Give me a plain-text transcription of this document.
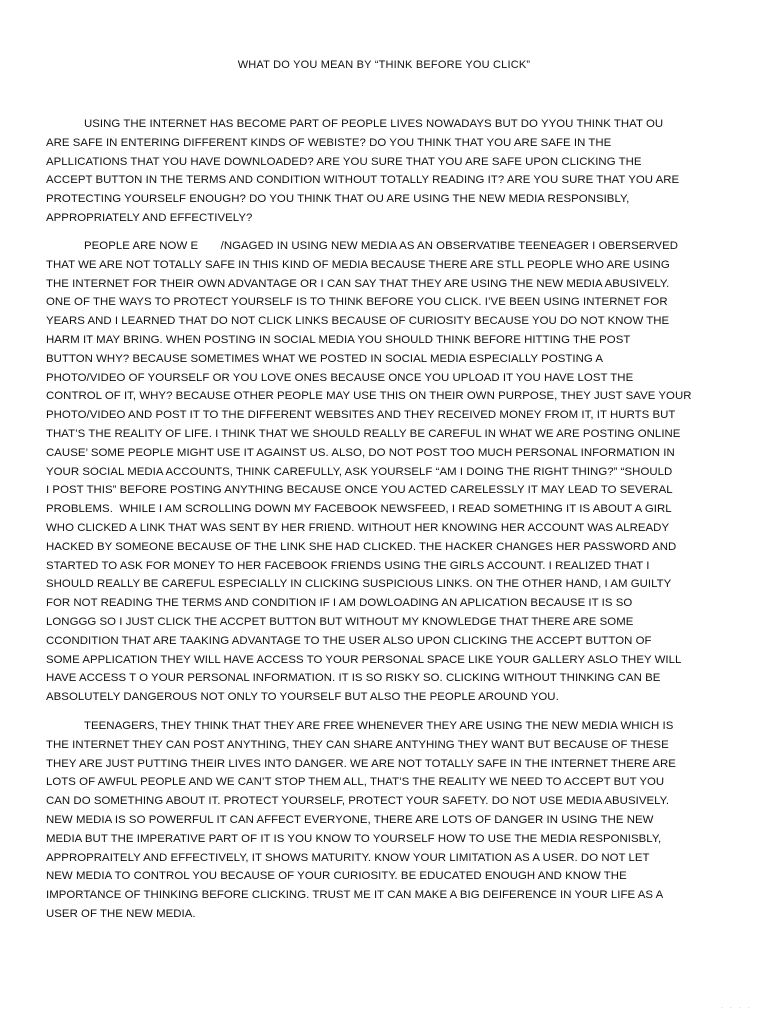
WHAT DO YOU MEAN BY “THINK BEFORE YOU CLICK”
USING THE INTERNET HAS BECOME PART OF PEOPLE LIVES NOWADAYS BUT DO YYOU THINK THAT OU
ARE SAFE IN ENTERING DIFFERENT KINDS OF WEBISTE? DO YOU THINK THAT YOU ARE SAFE IN THE
APLLICATIONS THAT YOU HAVE DOWNLOADED? ARE YOU SURE THAT YOU ARE SAFE UPON CLICKING THE
ACCEPT BUTTON IN THE TERMS AND CONDITION WITHOUT TOTALLY READING IT? ARE YOU SURE THAT YOU ARE
PROTECTING YOURSELF ENOUGH? DO YOU THINK THAT OU ARE USING THE NEW MEDIA RESPONSIBLY,
APPROPRIATELY AND EFFECTIVELY?
PEOPLE ARE NOW E       /NGAGED IN USING NEW MEDIA AS AN OBSERVATIBE TEENEAGER I OBERSERVED
THAT WE ARE NOT TOTALLY SAFE IN THIS KIND OF MEDIA BECAUSE THERE ARE STLL PEOPLE WHO ARE USING
THE INTERNET FOR THEIR OWN ADVANTAGE OR I CAN SAY THAT THEY ARE USING THE NEW MEDIA ABUSIVELY.
ONE OF THE WAYS TO PROTECT YOURSELF IS TO THINK BEFORE YOU CLICK. I’VE BEEN USING INTERNET FOR
YEARS AND I LEARNED THAT DO NOT CLICK LINKS BECAUSE OF CURIOSITY BECAUSE YOU DO NOT KNOW THE
HARM IT MAY BRING. WHEN POSTING IN SOCIAL MEDIA YOU SHOULD THINK BEFORE HITTING THE POST
BUTTON WHY? BECAUSE SOMETIMES WHAT WE POSTED IN SOCIAL MEDIA ESPECIALLY POSTING A
PHOTO/VIDEO OF YOURSELF OR YOU LOVE ONES BECAUSE ONCE YOU UPLOAD IT YOU HAVE LOST THE
CONTROL OF IT, WHY? BECAUSE OTHER PEOPLE MAY USE THIS ON THEIR OWN PURPOSE, THEY JUST SAVE YOUR
PHOTO/VIDEO AND POST IT TO THE DIFFERENT WEBSITES AND THEY RECEIVED MONEY FROM IT, IT HURTS BUT
THAT’S THE REALITY OF LIFE. I THINK THAT WE SHOULD REALLY BE CAREFUL IN WHAT WE ARE POSTING ONLINE
CAUSE’ SOME PEOPLE MIGHT USE IT AGAINST US. ALSO, DO NOT POST TOO MUCH PERSONAL INFORMATION IN
YOUR SOCIAL MEDIA ACCOUNTS, THINK CAREFULLY, ASK YOURSELF “AM I DOING THE RIGHT THING?” “SHOULD
I POST THIS” BEFORE POSTING ANYTHING BECAUSE ONCE YOU ACTED CARELESSLY IT MAY LEAD TO SEVERAL
PROBLEMS.  WHILE I AM SCROLLING DOWN MY FACEBOOK NEWSFEED, I READ SOMETHING IT IS ABOUT A GIRL
WHO CLICKED A LINK THAT WAS SENT BY HER FRIEND. WITHOUT HER KNOWING HER ACCOUNT WAS ALREADY
HACKED BY SOMEONE BECAUSE OF THE LINK SHE HAD CLICKED. THE HACKER CHANGES HER PASSWORD AND
STARTED TO ASK FOR MONEY TO HER FACEBOOK FRIENDS USING THE GIRLS ACCOUNT. I REALIZED THAT I
SHOULD REALLY BE CAREFUL ESPECIALLY IN CLICKING SUSPICIOUS LINKS. ON THE OTHER HAND, I AM GUILTY
FOR NOT READING THE TERMS AND CONDITION IF I AM DOWLOADING AN APLICATION BECAUSE IT IS SO
LONGGG SO I JUST CLICK THE ACCPET BUTTON BUT WITHOUT MY KNOWLEDGE THAT THERE ARE SOME
CCONDITION THAT ARE TAAKING ADVANTAGE TO THE USER ALSO UPON CLICKING THE ACCEPT BUTTON OF
SOME APPLICATION THEY WILL HAVE ACCESS TO YOUR PERSONAL SPACE LIKE YOUR GALLERY ASLO THEY WILL
HAVE ACCESS T O YOUR PERSONAL INFORMATION. IT IS SO RISKY SO. CLICKING WITHOUT THINKING CAN BE
ABSOLUTELY DANGEROUS NOT ONLY TO YOURSELF BUT ALSO THE PEOPLE AROUND YOU.
TEENAGERS, THEY THINK THAT THEY ARE FREE WHENEVER THEY ARE USING THE NEW MEDIA WHICH IS
THE INTERNET THEY CAN POST ANYTHING, THEY CAN SHARE ANTYHING THEY WANT BUT BECAUSE OF THESE
THEY ARE JUST PUTTING THEIR LIVES INTO DANGER. WE ARE NOT TOTALLY SAFE IN THE INTERNET THERE ARE
LOTS OF AWFUL PEOPLE AND WE CAN’T STOP THEM ALL, THAT’S THE REALITY WE NEED TO ACCEPT BUT YOU
CAN DO SOMETHING ABOUT IT. PROTECT YOURSELF, PROTECT YOUR SAFETY. DO NOT USE MEDIA ABUSIVELY.
NEW MEDIA IS SO POWERFUL IT CAN AFFECT EVERYONE, THERE ARE LOTS OF DANGER IN USING THE NEW
MEDIA BUT THE IMPERATIVE PART OF IT IS YOU KNOW TO YOURSELF HOW TO USE THE MEDIA RESPONISBLY,
APPROPRAITELY AND EFFECTIVELY, IT SHOWS MATURITY. KNOW YOUR LIMITATION AS A USER. DO NOT LET
NEW MEDIA TO CONTROL YOU BECAUSE OF YOUR CURIOSITY. BE EDUCATED ENOUGH AND KNOW THE
IMPORTANCE OF THINKING BEFORE CLICKING. TRUST ME IT CAN MAKE A BIG DEIFERENCE IN YOUR LIFE AS A
USER OF THE NEW MEDIA.
· · · ·
